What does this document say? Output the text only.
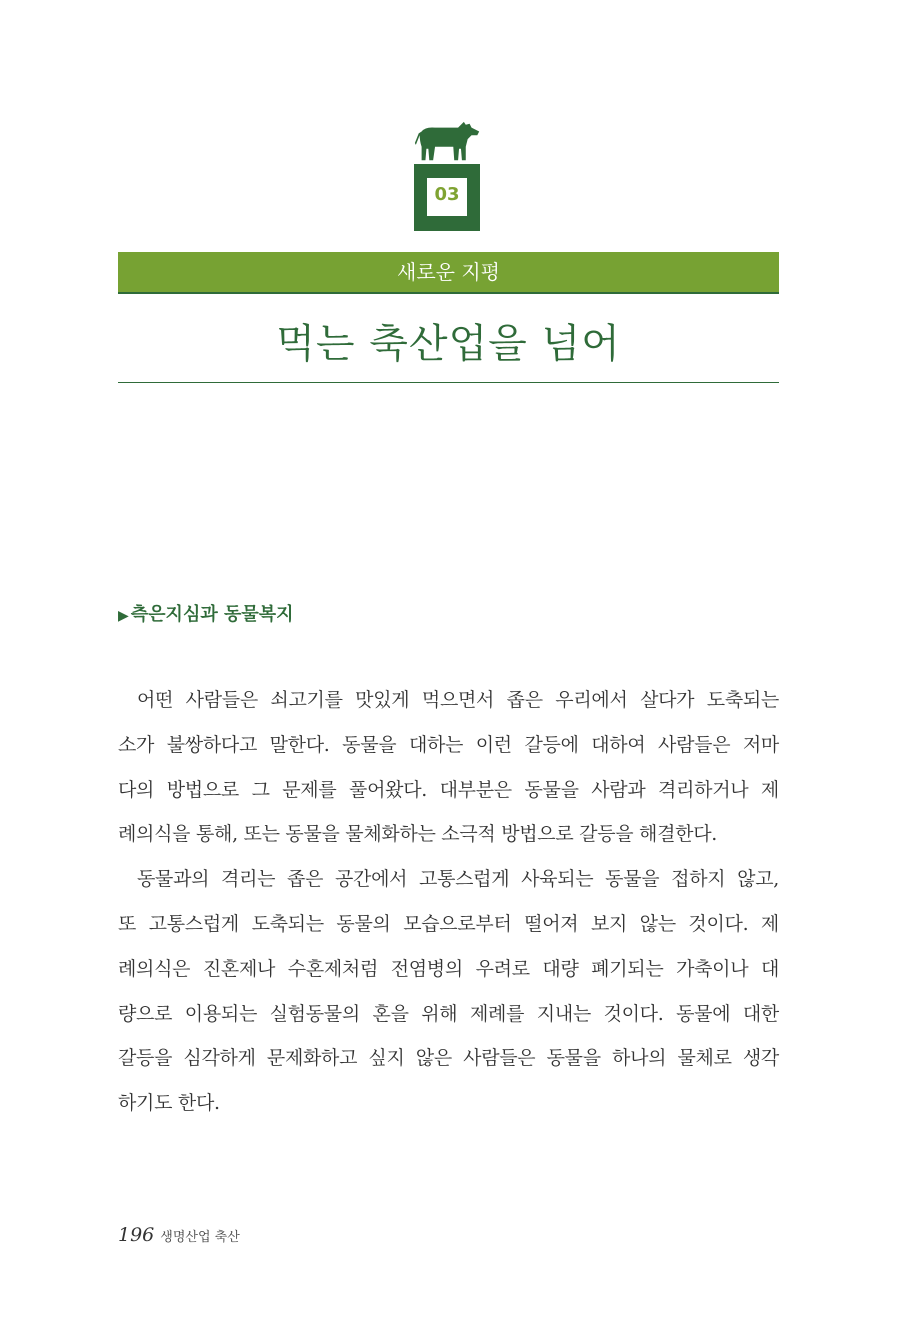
03
새로운 지평
먹는 축산업을 넘어
▶ 측은지심과 동물복지
어떤 사람들은 쇠고기를 맛있게 먹으면서 좁은 우리에서 살다가 도축되는
소가 불쌍하다고 말한다. 동물을 대하는 이런 갈등에 대하여 사람들은 저마
다의 방법으로 그 문제를 풀어왔다. 대부분은 동물을 사람과 격리하거나 제
례의식을 통해, 또는 동물을 물체화하는 소극적 방법으로 갈등을 해결한다.
동물과의 격리는 좁은 공간에서 고통스럽게 사육되는 동물을 접하지 않고,
또 고통스럽게 도축되는 동물의 모습으로부터 떨어져 보지 않는 것이다. 제
례의식은 진혼제나 수혼제처럼 전염병의 우려로 대량 폐기되는 가축이나 대
량으로 이용되는 실험동물의 혼을 위해 제례를 지내는 것이다. 동물에 대한
갈등을 심각하게 문제화하고 싶지 않은 사람들은 동물을 하나의 물체로 생각
하기도 한다.
196 생명산업 축산
